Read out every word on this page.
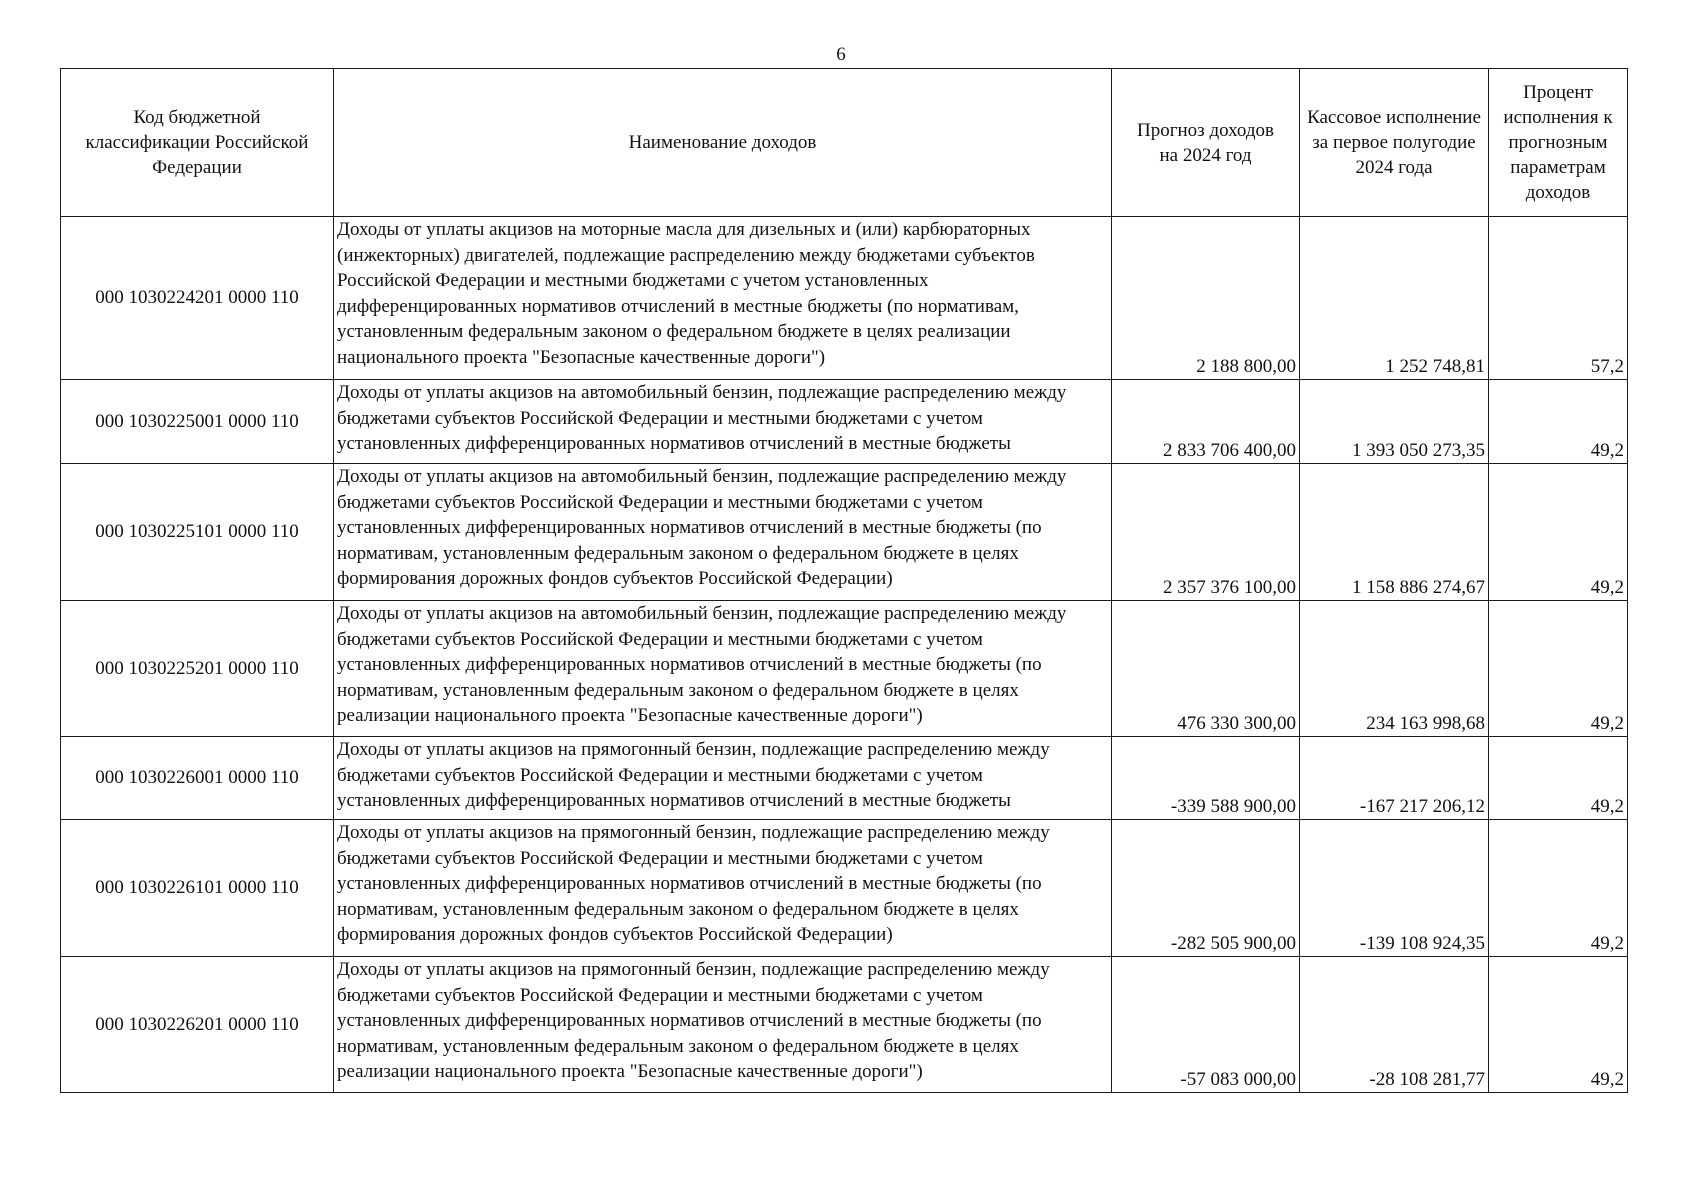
6
Код бюджетной классификации Российской Федерации	Наименование доходов	Прогноз доходов на 2024 год	Кассовое исполнение за первое полугодие 2024 года	Процент исполнения к прогнозным параметрам доходов
000 1030224201 0000 110	Доходы от уплаты акцизов на моторные масла для дизельных и (или) карбюраторных (инжекторных) двигателей, подлежащие распределению между бюджетами субъектов Российской Федерации и местными бюджетами с учетом установленных дифференцированных нормативов отчислений в местные бюджеты (по нормативам, установленным федеральным законом о федеральном бюджете в целях реализации национального проекта "Безопасные качественные дороги")	2 188 800,00	1 252 748,81	57,2
000 1030225001 0000 110	Доходы от уплаты акцизов на автомобильный бензин, подлежащие распределению между бюджетами субъектов Российской Федерации и местными бюджетами с учетом установленных дифференцированных нормативов отчислений в местные бюджеты	2 833 706 400,00	1 393 050 273,35	49,2
000 1030225101 0000 110	Доходы от уплаты акцизов на автомобильный бензин, подлежащие распределению между бюджетами субъектов Российской Федерации и местными бюджетами с учетом установленных дифференцированных нормативов отчислений в местные бюджеты (по нормативам, установленным федеральным законом о федеральном бюджете в целях формирования дорожных фондов субъектов Российской Федерации)	2 357 376 100,00	1 158 886 274,67	49,2
000 1030225201 0000 110	Доходы от уплаты акцизов на автомобильный бензин, подлежащие распределению между бюджетами субъектов Российской Федерации и местными бюджетами с учетом установленных дифференцированных нормативов отчислений в местные бюджеты (по нормативам, установленным федеральным законом о федеральном бюджете в целях реализации национального проекта "Безопасные качественные дороги")	476 330 300,00	234 163 998,68	49,2
000 1030226001 0000 110	Доходы от уплаты акцизов на прямогонный бензин, подлежащие распределению между бюджетами субъектов Российской Федерации и местными бюджетами с учетом установленных дифференцированных нормативов отчислений в местные бюджеты	-339 588 900,00	-167 217 206,12	49,2
000 1030226101 0000 110	Доходы от уплаты акцизов на прямогонный бензин, подлежащие распределению между бюджетами субъектов Российской Федерации и местными бюджетами с учетом установленных дифференцированных нормативов отчислений в местные бюджеты (по нормативам, установленным федеральным законом о федеральном бюджете в целях формирования дорожных фондов субъектов Российской Федерации)	-282 505 900,00	-139 108 924,35	49,2
000 1030226201 0000 110	Доходы от уплаты акцизов на прямогонный бензин, подлежащие распределению между бюджетами субъектов Российской Федерации и местными бюджетами с учетом установленных дифференцированных нормативов отчислений в местные бюджеты (по нормативам, установленным федеральным законом о федеральном бюджете в целях реализации национального проекта "Безопасные качественные дороги")	-57 083 000,00	-28 108 281,77	49,2
